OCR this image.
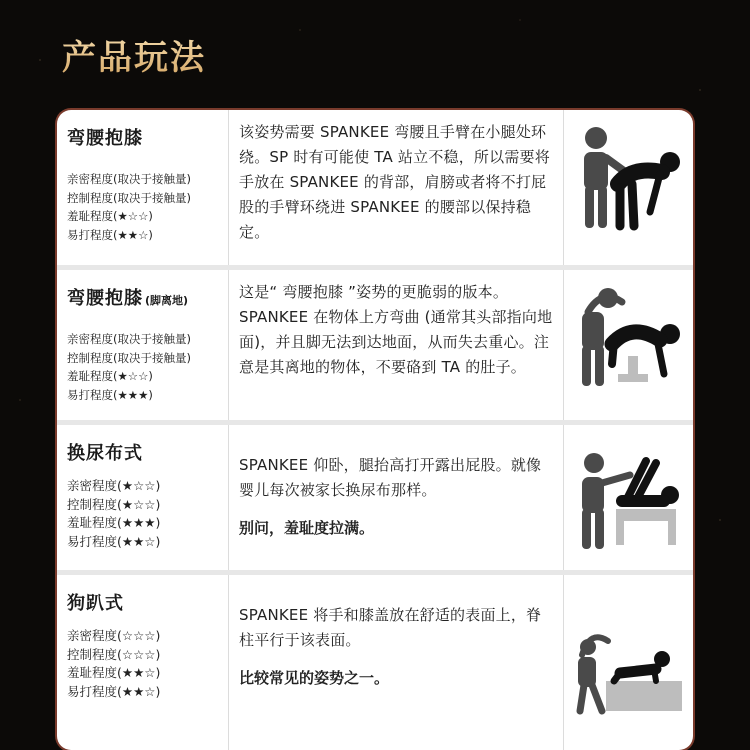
产品玩法
弯腰抱膝
亲密程度(取决于接触量)
控制程度(取决于接触量)
羞耻程度(★☆☆)
易打程度(★★☆)
该姿势需要 SPANKEE 弯腰且手臂在小腿处环绕。SP 时有可能使 TA 站立不稳，所以需要将手放在 SPANKEE 的背部，肩膀或者将不打屁股的手臂环绕进 SPANKEE 的腰部以保持稳定。
弯腰抱膝 (脚离地)
亲密程度(取决于接触量)
控制程度(取决于接触量)
羞耻程度(★☆☆)
易打程度(★★★)
这是“ 弯腰抱膝 ”姿势的更脆弱的版本。SPANKEE 在物体上方弯曲 (通常其头部指向地面)，并且脚无法到达地面，从而失去重心。注意是其离地的物体，不要硌到 TA 的肚子。
换尿布式
亲密程度(★☆☆)
控制程度(★☆☆)
羞耻程度(★★★)
易打程度(★★☆)
SPANKEE 仰卧，腿抬高打开露出屁股。就像婴儿每次被家长换尿布那样。
别问，羞耻度拉满。
狗趴式
亲密程度(☆☆☆)
控制程度(☆☆☆)
羞耻程度(★★☆)
易打程度(★★☆)
SPANKEE 将手和膝盖放在舒适的表面上，脊柱平行于该表面。
比较常见的姿势之一。
